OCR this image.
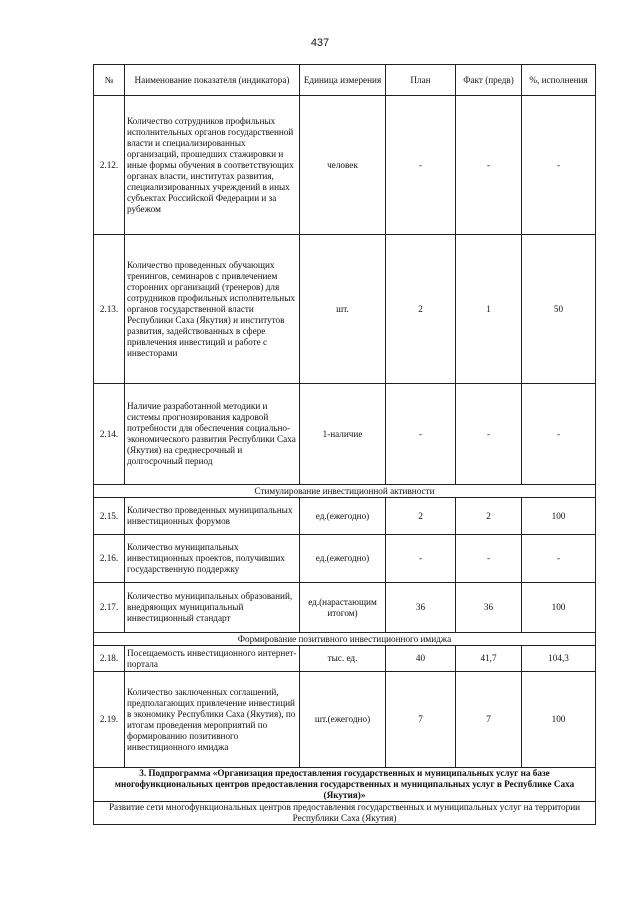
437
№	Наименование показателя (индикатора)	Единица измерения	План	Факт (предв)	%, исполнения
2.12.	Количество сотрудников профильных исполнительных органов государственной власти и специализированных организаций, прошедших стажировки и иные формы обучения в соответствующих органах власти, институтах развития, специализированных учреждений в иных субъектах Российской Федерации и за рубежом	человек	-	-	-
2.13.	Количество проведенных обучающих тренингов, семинаров с привлечением сторонних организаций (тренеров) для сотрудников профильных исполнительных органов государственной власти Республики Саха (Якутия) и институтов развития, задействованных в сфере привлечения инвестиций и работе с инвесторами	шт.	2	1	50
2.14.	Наличие разработанной методики и системы прогнозирования кадровой потребности для обеспечения социально-экономического развития Республики Саха (Якутия) на среднесрочный и долгосрочный период	1-наличие	-	-	-
Стимулирование инвестиционной активности					
2.15.	Количество проведенных муниципальных инвестиционных форумов	ед.(ежегодно)	2	2	100
2.16.	Количество муниципальных инвестиционных проектов, получивших государственную поддержку	ед.(ежегодно)	-	-	-
2.17.	Количество муниципальных образований, внедряющих муниципальный инвестиционный стандарт	ед.(нарастающим итогом)	36	36	100
Формирование позитивного инвестиционного имиджа					
2.18.	Посещаемость инвестиционного интернет-портала	тыс. ед.	40	41,7	104,3
2.19.	Количество заключенных соглашений, предполагающих привлечение инвестиций в экономику Республики Саха (Якутия), по итогам проведения мероприятий по формированию позитивного инвестиционного имиджа	шт.(ежегодно)	7	7	100
3. Подпрограмма «Организация предоставления государственных и муниципальных услуг на базе многофункциональных центров предоставления государственных и муниципальных услуг в Республике Саха (Якутия)»					
Развитие сети многофункциональных центров предоставления государственных и муниципальных услуг на территории Республики Саха (Якутия)					
